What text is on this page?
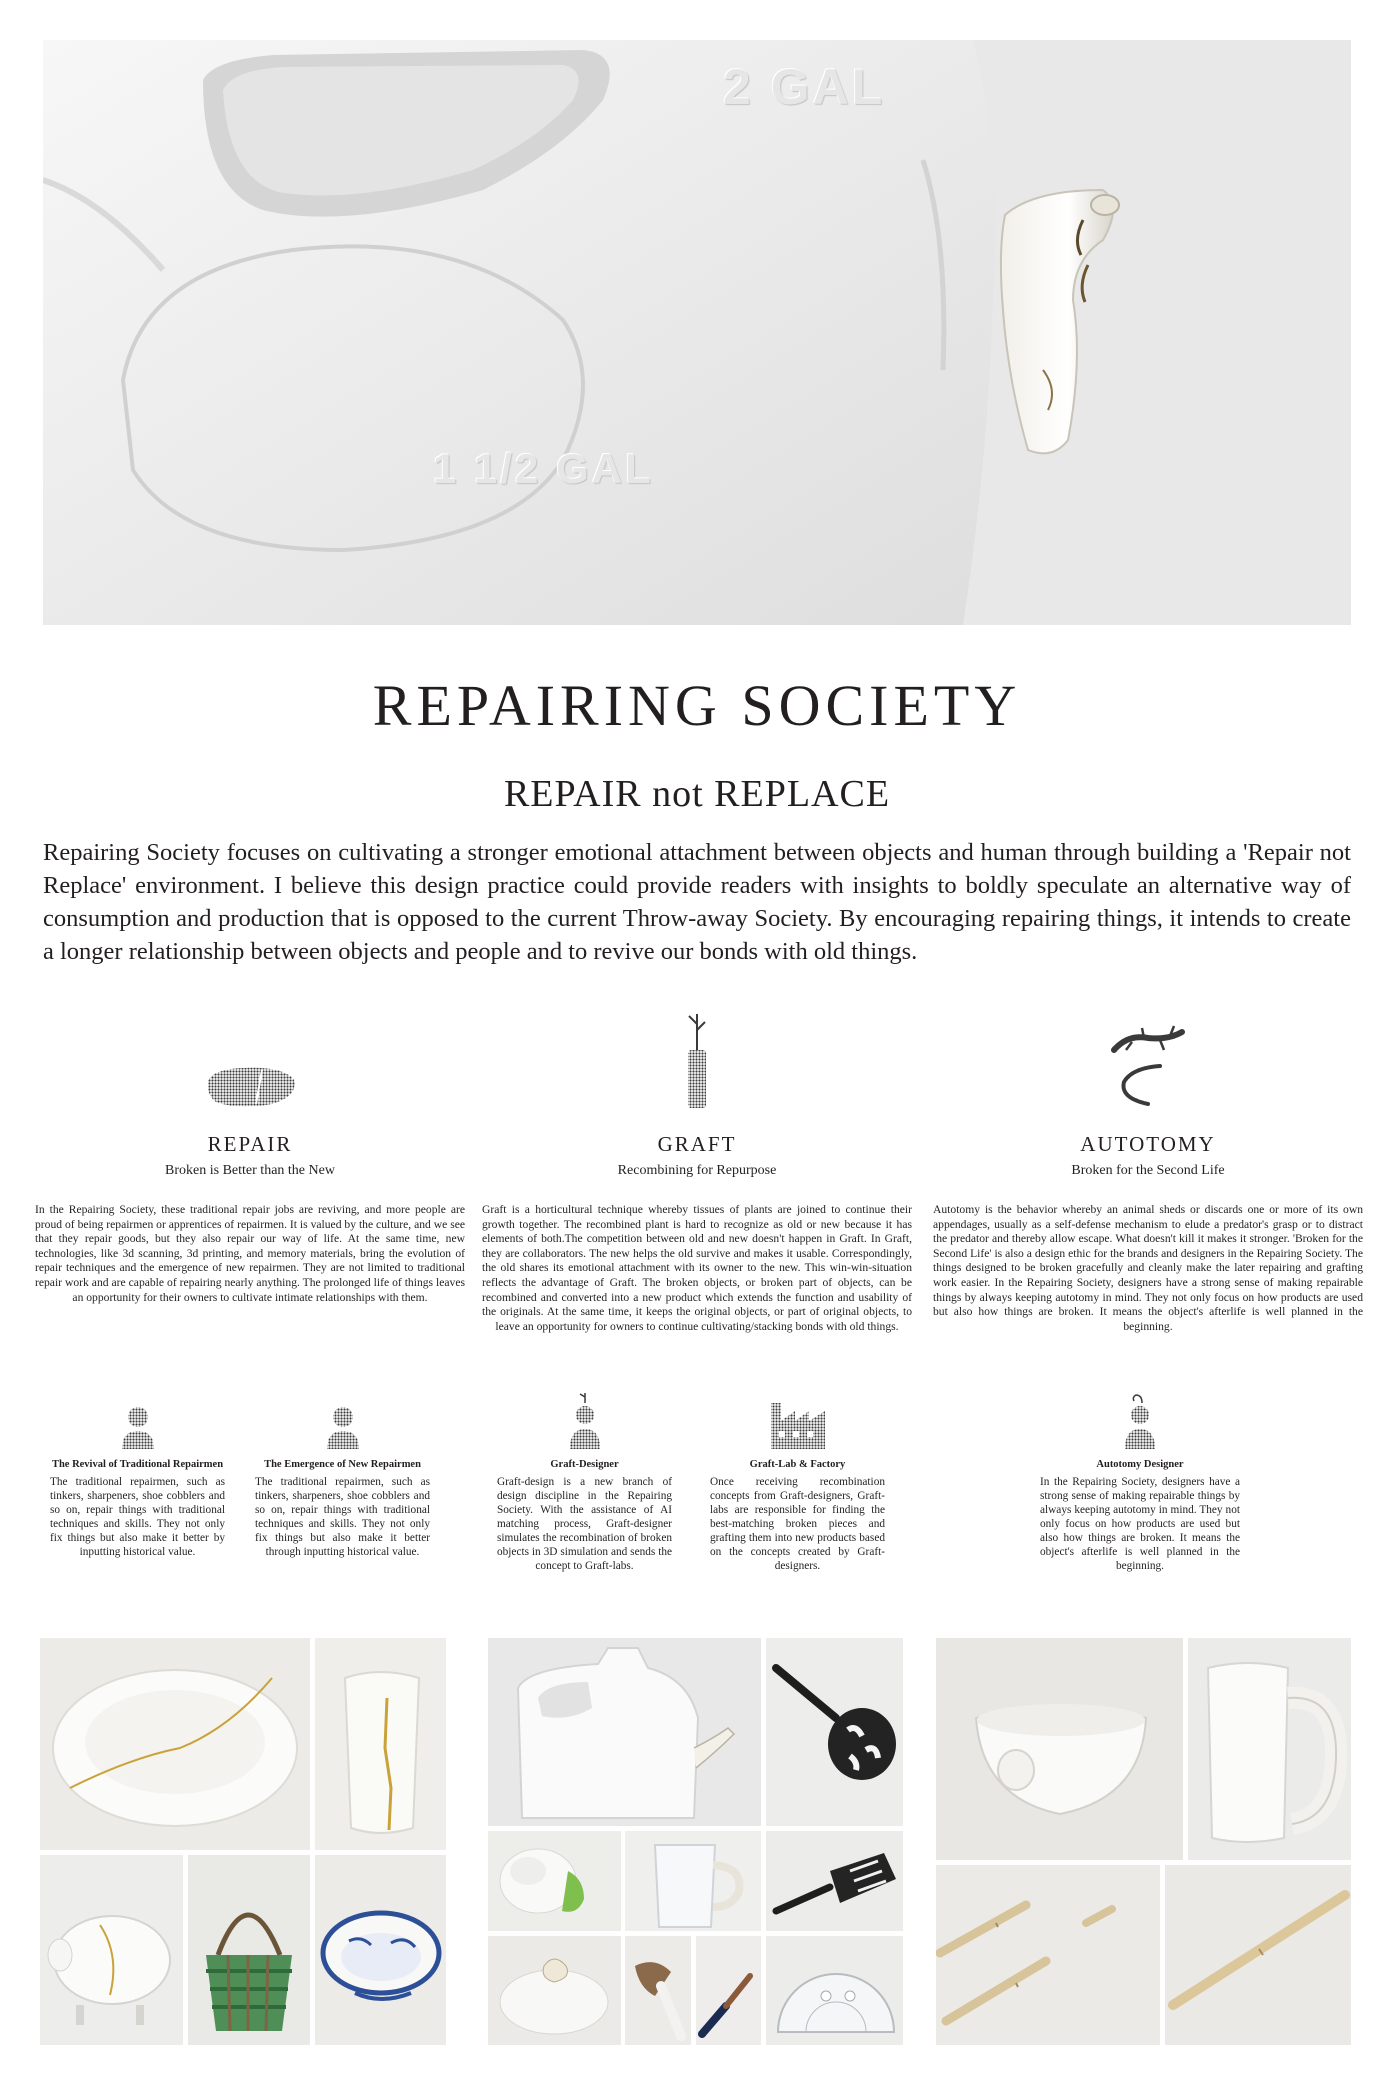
2 GAL
1 1/2 GAL
REPAIRING SOCIETY
REPAIR not REPLACE

Repairing Society focuses on cultivating a stronger emotional attachment between objects and human through building a 'Repair not Replace' environment. I believe this design practice could provide readers with insights to boldly speculate an alternative way of consumption and production that is opposed to the current Throw-away Society. By encouraging repairing things, it intends to create a longer relationship between objects and people and to revive our bonds with old things.

REPAIR
Broken is Better than the New
In the Repairing Society, these traditional repair jobs are reviving, and more people are proud of being repairmen or apprentices of repairmen. It is valued by the culture, and we see that they repair goods, but they also repair our way of life. At the same time, new technologies, like 3d scanning, 3d printing, and memory materials, bring the evolution of repair techniques and the emergence of new repairmen. They are not limited to traditional repair work and are capable of repairing nearly anything. The prolonged life of things leaves an opportunity for their owners to cultivate intimate relationships with them.
GRAFT
Recombining for Repurpose
Graft is a horticultural technique whereby tissues of plants are joined to continue their growth together. The recombined plant is hard to recognize as old or new because it has elements of both.The competition between old and new doesn't happen in Graft. In Graft, they are collaborators. The new helps the old survive and makes it usable. Correspondingly, the old shares its emotional attachment with its owner to the new. This win-win-situation reflects the advantage of Graft. The broken objects, or broken part of objects, can be recombined and converted into a new product which extends the function and usability of the originals. At the same time, it keeps the original objects, or part of original objects, to leave an opportunity for owners to continue cultivating/stacking bonds with old things.
AUTOTOMY
Broken for the Second Life
Autotomy is the behavior whereby an animal sheds or discards one or more of its own appendages, usually as a self-defense mechanism to elude a predator's grasp or to distract the predator and thereby allow escape. What doesn't kill it makes it stronger. 'Broken for the Second Life' is also a design ethic for the brands and designers in the Repairing Society. The things designed to be broken gracefully and cleanly make the later repairing and grafting work easier. In the Repairing Society, designers have a strong sense of making repairable things by always keeping autotomy in mind. They not only focus on how products are used but also how things are broken. It means the object's afterlife is well planned in the beginning.
The Revival of Traditional Repairmen

The traditional repairmen, such as tinkers, sharpeners, shoe cobblers and so on, repair things with traditional techniques and skills. They not only fix things but also make it better by inputting historical value.

The Emergence of New Repairmen

The traditional repairmen, such as tinkers, sharpeners, shoe cobblers and so on, repair things with traditional techniques and skills. They not only fix things but also make it better through inputting historical value.

Graft-Designer

Graft-design is a new branch of design discipline in the Repairing Society. With the assistance of AI matching process, Graft-designer simulates the recombination of broken objects in 3D simulation and sends the concept to Graft-labs.

Graft-Lab & Factory

Once receiving recombination concepts from Graft-designers, Graft-labs are responsible for finding the best-matching broken pieces and grafting them into new products based on the concepts created by Graft-designers.

Autotomy Designer

In the Repairing Society, designers have a strong sense of making repairable things by always keeping autotomy in mind. They not only focus on how products are used but also how things are broken. It means the object's afterlife is well planned in the beginning.
